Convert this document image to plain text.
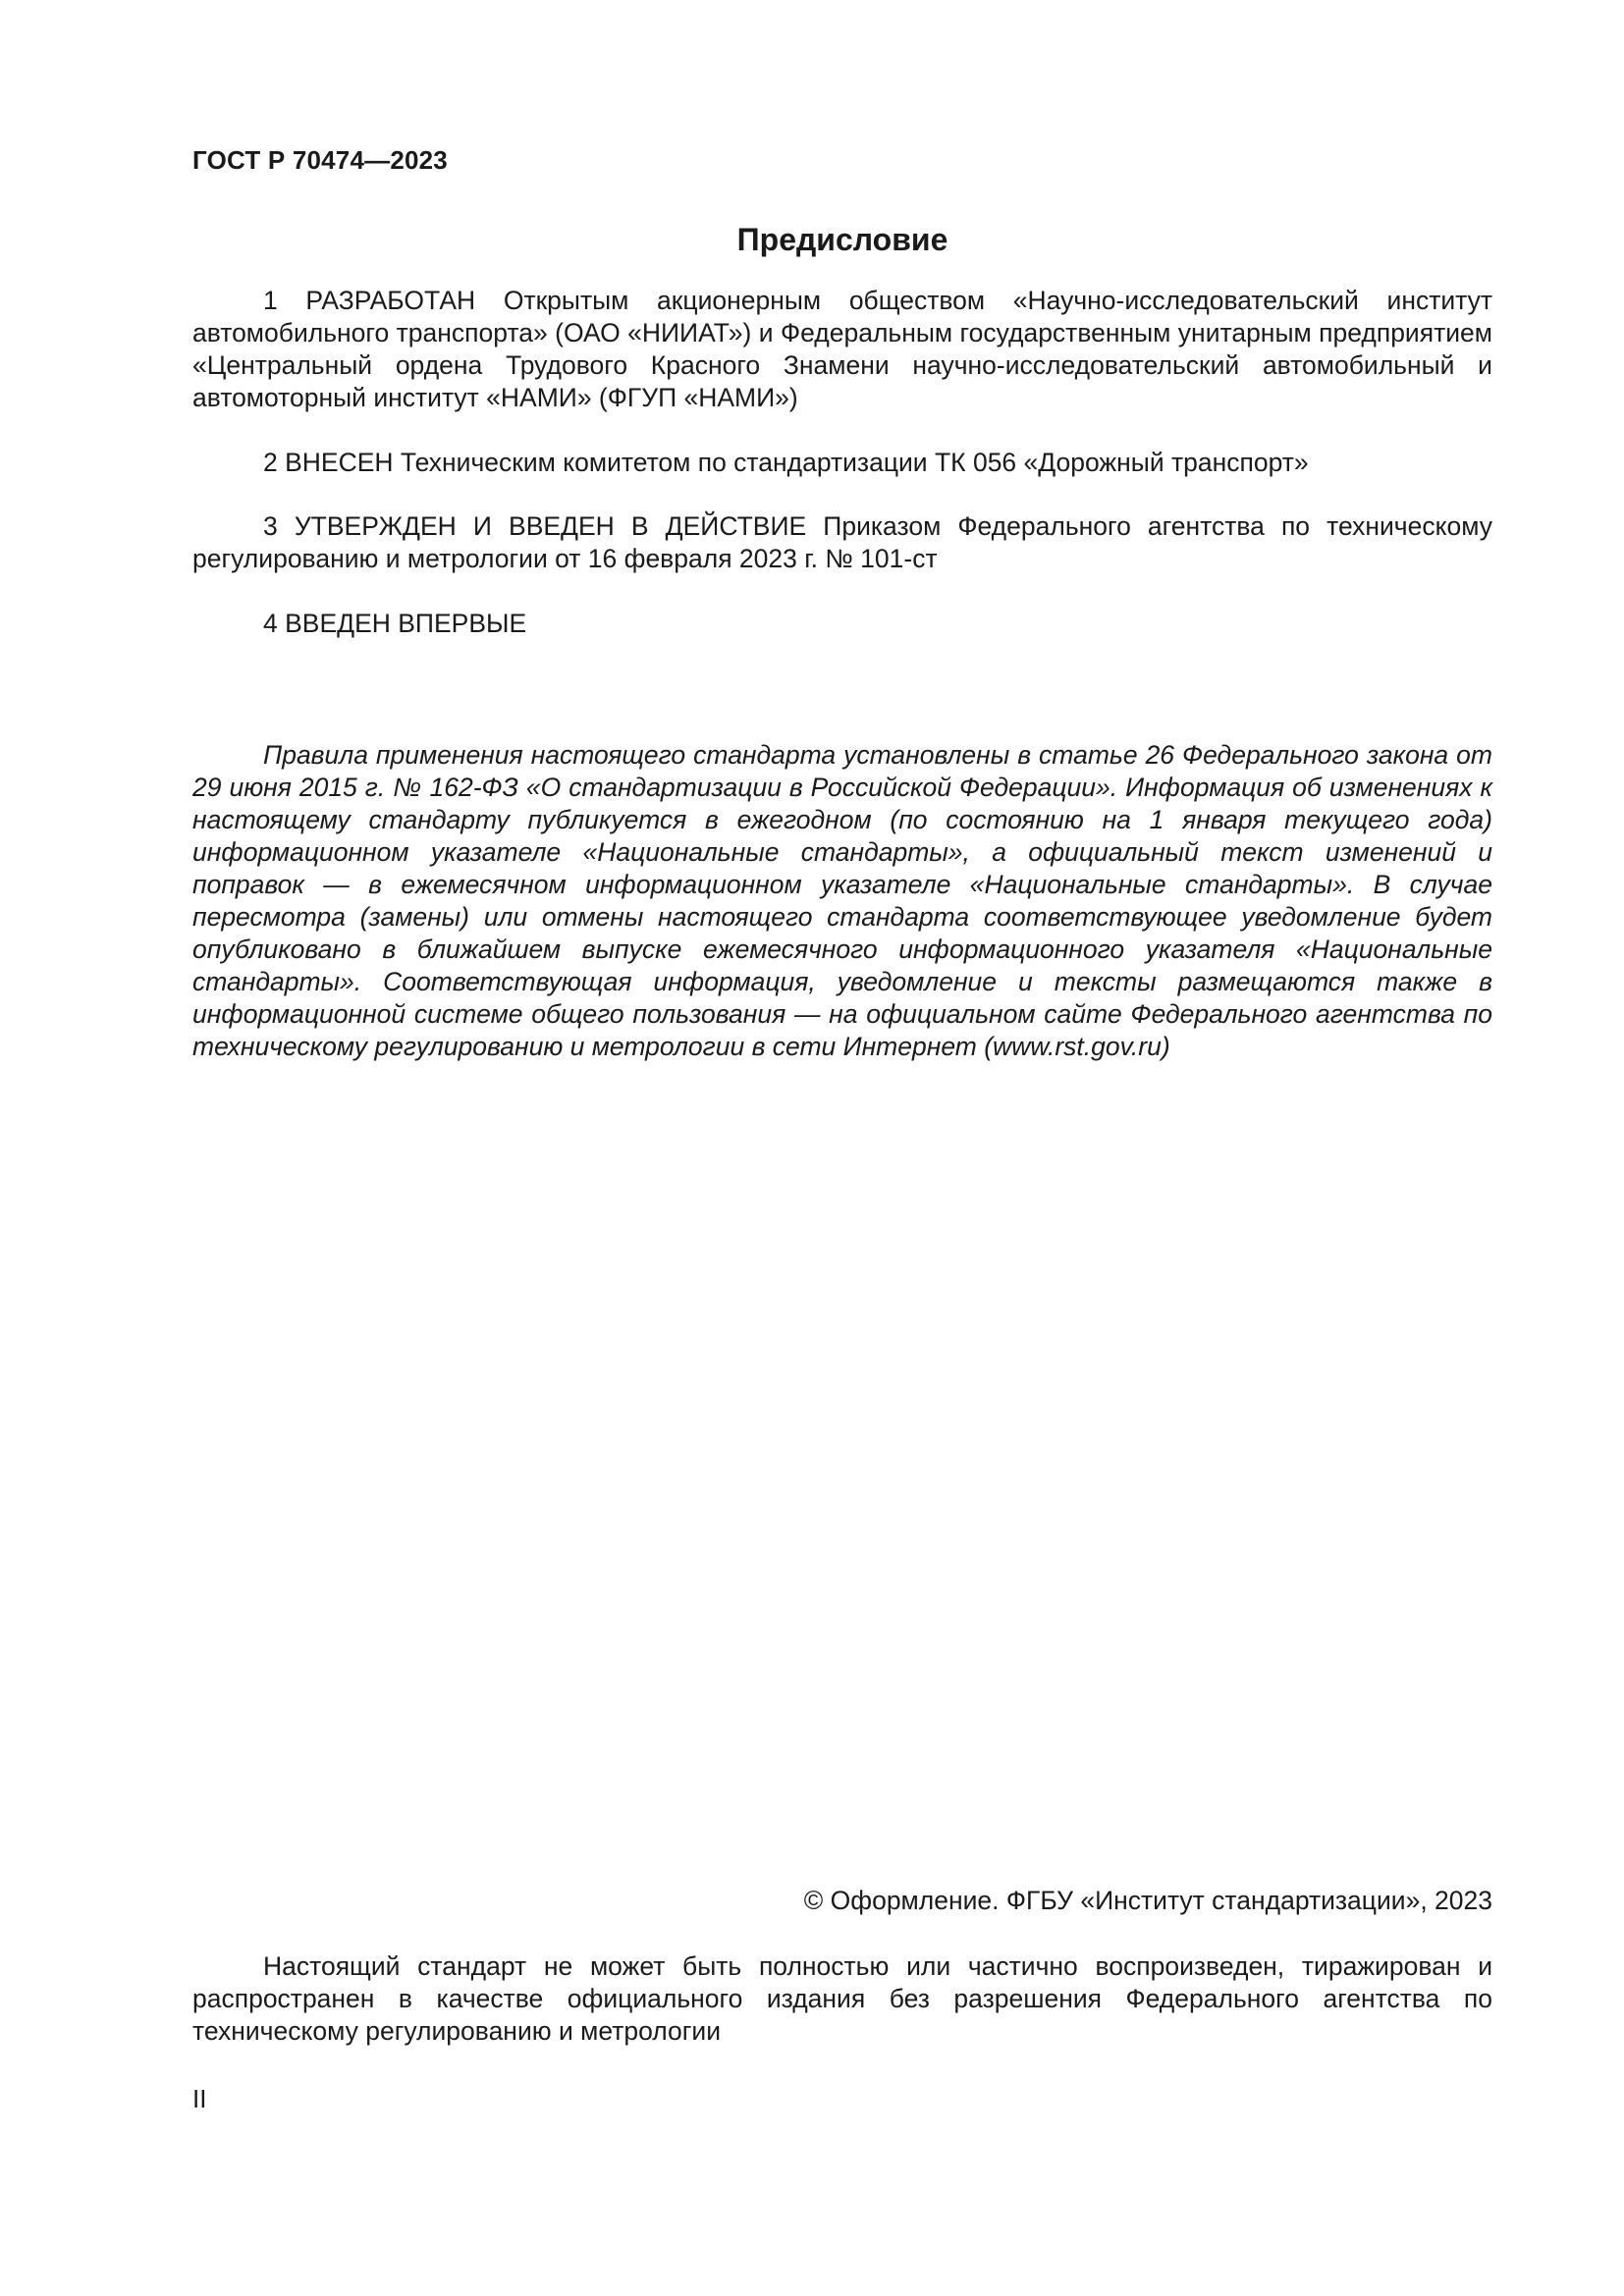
ГОСТ Р 70474—2023
Предисловие

1 РАЗРАБОТАН Открытым акционерным обществом «Научно-исследовательский институт автомобильного транспорта» (ОАО «НИИАТ») и Федеральным государственным унитарным предприятием «Центральный ордена Трудового Красного Знамени научно-исследовательский автомобильный и автомоторный институт «НАМИ» (ФГУП «НАМИ»)

2 ВНЕСЕН Техническим комитетом по стандартизации ТК 056 «Дорожный транспорт»

3 УТВЕРЖДЕН И ВВЕДЕН В ДЕЙСТВИЕ Приказом Федерального агентства по техническому регулированию и метрологии от 16 февраля 2023 г. № 101-ст

4 ВВЕДЕН ВПЕРВЫЕ

Правила применения настоящего стандарта установлены в статье 26 Федерального закона от 29 июня 2015 г. № 162-ФЗ «О стандартизации в Российской Федерации». Информация об изменениях к настоящему стандарту публикуется в ежегодном (по состоянию на 1 января текущего года) информационном указателе «Национальные стандарты», а официальный текст изменений и поправок — в ежемесячном информационном указателе «Национальные стандарты». В случае пересмотра (замены) или отмены настоящего стандарта соответствующее уведомление будет опубликовано в ближайшем выпуске ежемесячного информационного указателя «Национальные стандарты». Соответствующая информация, уведомление и тексты размещаются также в информационной системе общего пользования — на официальном сайте Федерального агентства по техническому регулированию и метрологии в сети Интернет (www.rst.gov.ru)

© Оформление. ФГБУ «Институт стандартизации», 2023

Настоящий стандарт не может быть полностью или частично воспроизведен, тиражирован и распространен в качестве официального издания без разрешения Федерального агентства по техническому регулированию и метрологии

II
